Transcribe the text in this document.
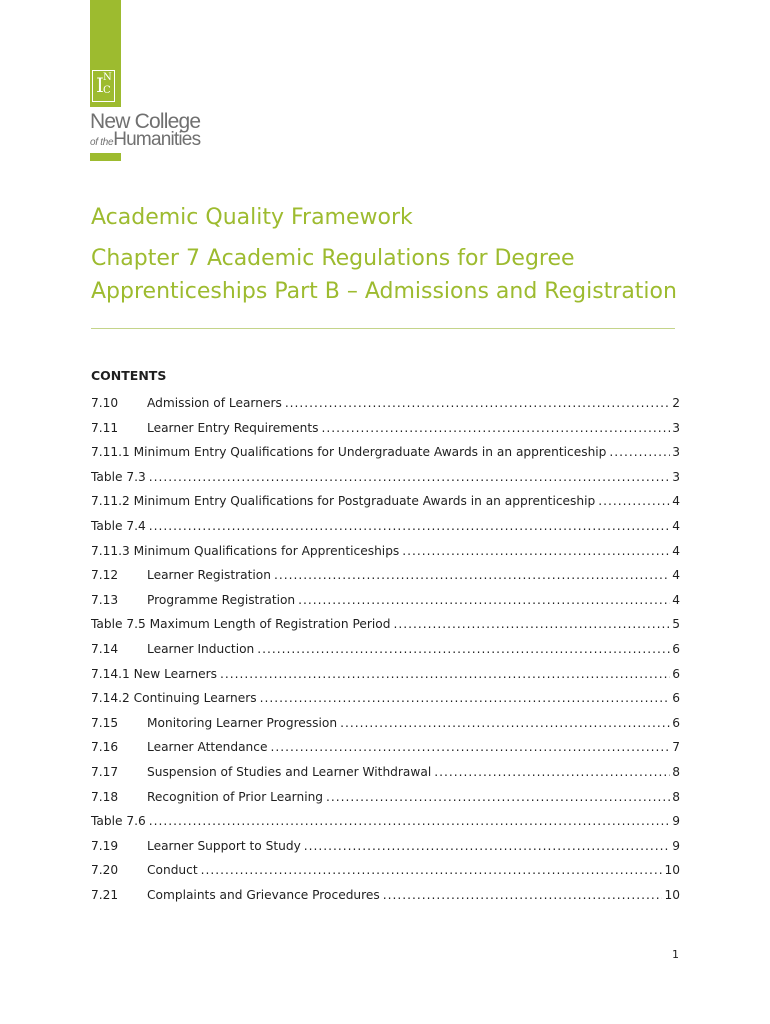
I N
C
New College
of theHumanities
Academic Quality Framework
Chapter 7 Academic Regulations for Degree Apprenticeships Part B – Admissions and Registration
CONTENTS
7.10	Admission of Learners .....	2
7.11	Learner Entry Requirements .....	3
7.11.1 Minimum Entry Qualifications for Undergraduate Awards in an apprenticeship .....	3
Table 7.3 .....	3
7.11.2 Minimum Entry Qualifications for Postgraduate Awards in an apprenticeship .....	4
Table 7.4 .....	4
7.11.3 Minimum Qualifications for Apprenticeships .....	4
7.12	Learner Registration .....	4
7.13	Programme Registration .....	4
Table 7.5 Maximum Length of Registration Period .....	5
7.14	Learner Induction .....	6
7.14.1 New Learners .....	6
7.14.2 Continuing Learners .....	6
7.15	Monitoring Learner Progression .....	6
7.16	Learner Attendance .....	7
7.17	Suspension of Studies and Learner Withdrawal .....	8
7.18	Recognition of Prior Learning .....	8
Table 7.6 .....	9
7.19	Learner Support to Study .....	9
7.20	Conduct .....	10
7.21	Complaints and Grievance Procedures .....	10
1
